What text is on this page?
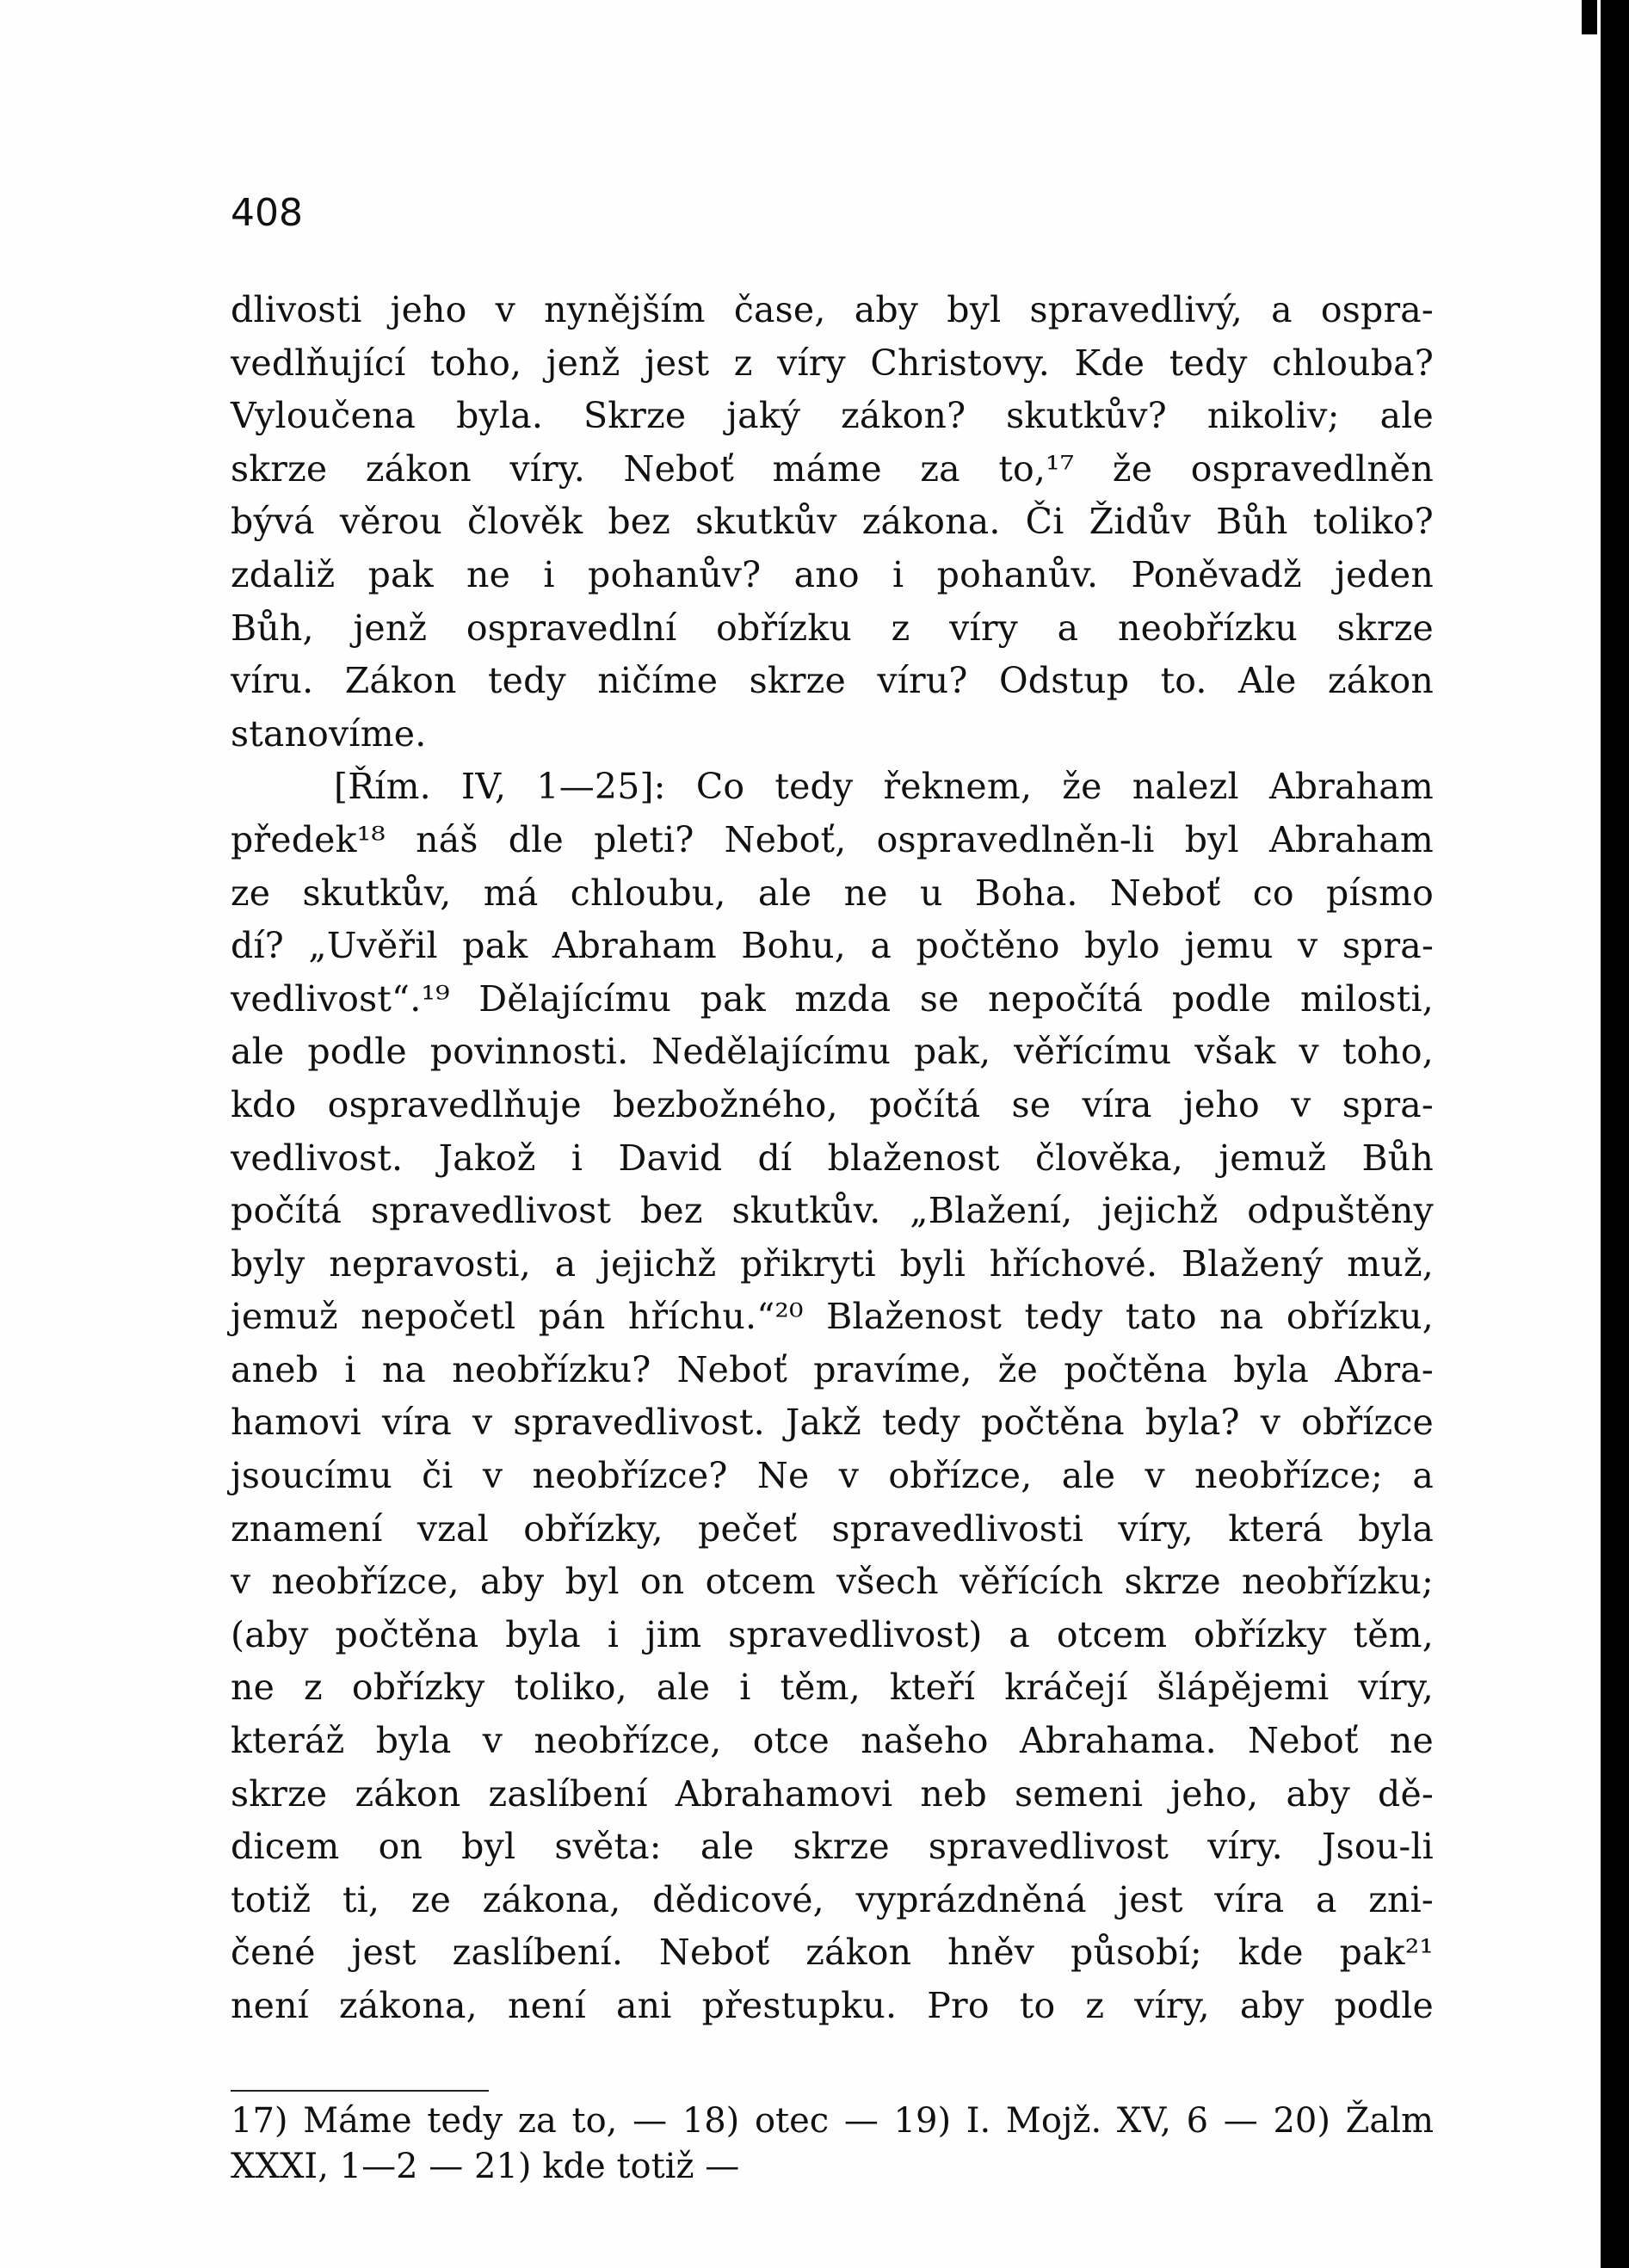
408
dlivosti jeho v nynějším čase, aby byl spravedlivý, a ospra-
vedlňující toho, jenž jest z víry Christovy. Kde tedy chlouba?
Vyloučena byla. Skrze jaký zákon? skutkův? nikoliv; ale
skrze zákon víry. Neboť máme za to,¹⁷ že ospravedlněn
bývá věrou člověk bez skutkův zákona. Či Židův Bůh toliko?
zdaliž pak ne i pohanův? ano i pohanův. Poněvadž jeden
Bůh, jenž ospravedlní obřízku z víry a neobřízku skrze
víru. Zákon tedy ničíme skrze víru? Odstup to. Ale zákon
stanovíme.
[Řím. IV, 1—25]: Co tedy řeknem, že nalezl Abraham
předek¹⁸ náš dle pleti? Neboť, ospravedlněn-li byl Abraham
ze skutkův, má chloubu, ale ne u Boha. Neboť co písmo
dí? „Uvěřil pak Abraham Bohu, a počtěno bylo jemu v spra-
vedlivost“.¹⁹ Dělajícímu pak mzda se nepočítá podle milosti,
ale podle povinnosti. Nedělajícímu pak, věřícímu však v toho,
kdo ospravedlňuje bezbožného, počítá se víra jeho v spra-
vedlivost. Jakož i David dí blaženost člověka, jemuž Bůh
počítá spravedlivost bez skutkův. „Blažení, jejichž odpuštěny
byly nepravosti, a jejichž přikryti byli hříchové. Blažený muž,
jemuž nepočetl pán hříchu.“²⁰ Blaženost tedy tato na obřízku,
aneb i na neobřízku? Neboť pravíme, že počtěna byla Abra-
hamovi víra v spravedlivost. Jakž tedy počtěna byla? v obřízce
jsoucímu či v neobřízce? Ne v obřízce, ale v neobřízce; a
znamení vzal obřízky, pečeť spravedlivosti víry, která byla
v neobřízce, aby byl on otcem všech věřících skrze neobřízku;
(aby počtěna byla i jim spravedlivost) a otcem obřízky těm,
ne z obřízky toliko, ale i těm, kteří kráčejí šlápějemi víry,
kteráž byla v neobřízce, otce našeho Abrahama. Neboť ne
skrze zákon zaslíbení Abrahamovi neb semeni jeho, aby dě-
dicem on byl světa: ale skrze spravedlivost víry. Jsou-li
totiž ti, ze zákona, dědicové, vyprázdněná jest víra a zni-
čené jest zaslíbení. Neboť zákon hněv působí; kde pak²¹
není zákona, není ani přestupku. Pro to z víry, aby podle
17) Máme tedy za to, — 18) otec — 19) I. Mojž. XV, 6 — 20) Žalm
XXXI, 1—2 — 21) kde totiž —
